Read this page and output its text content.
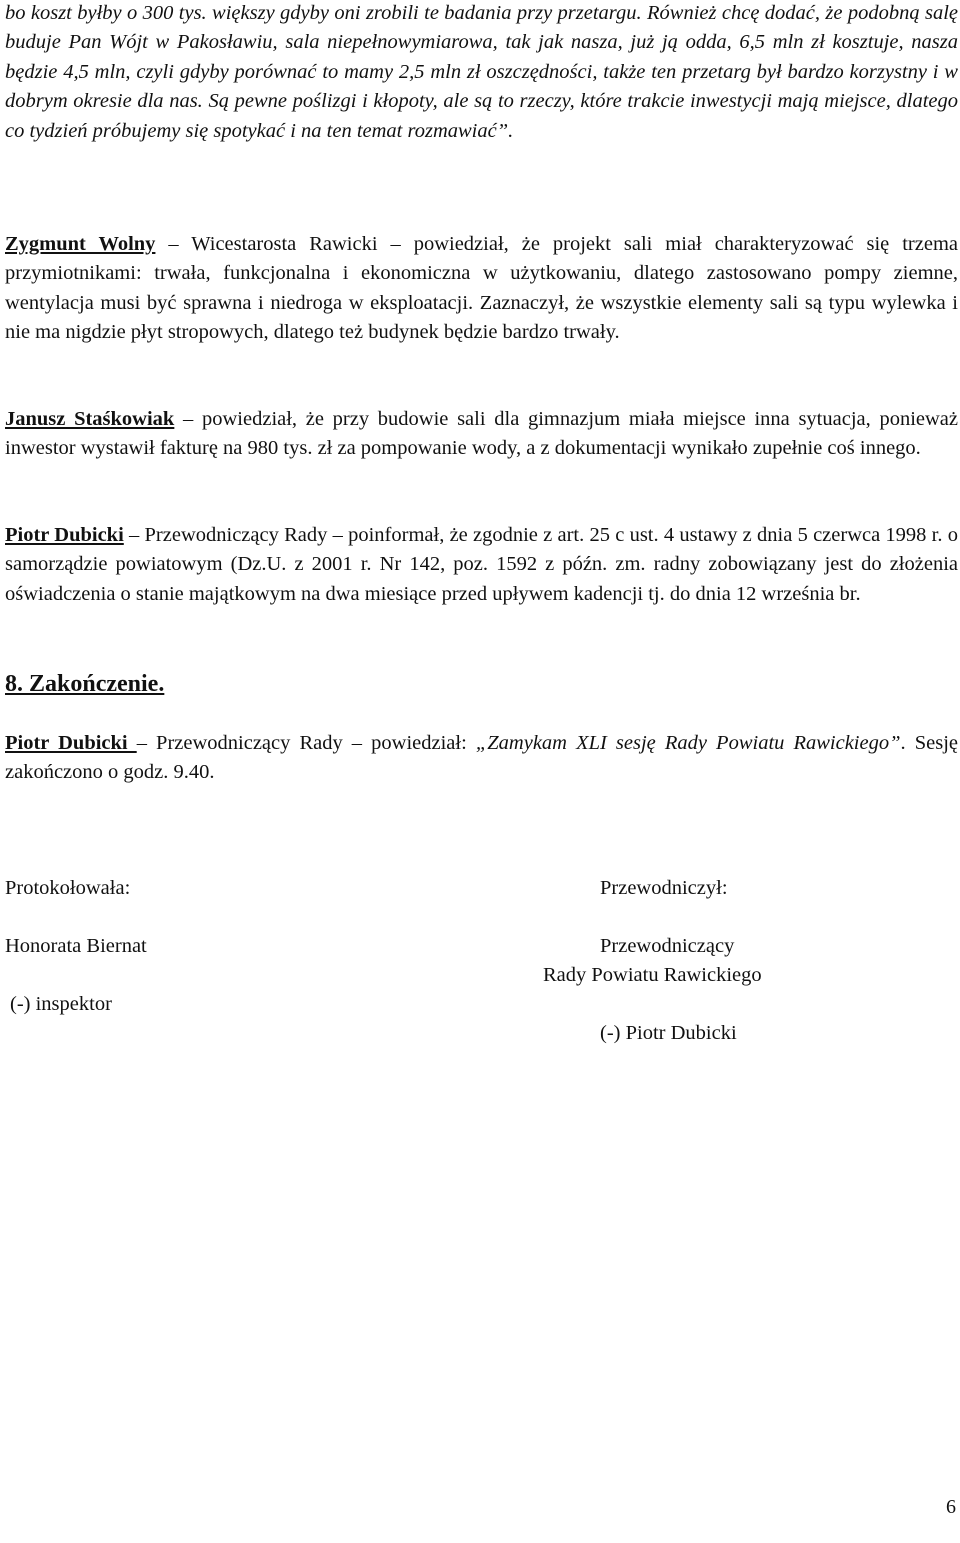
bo koszt byłby o 300 tys. większy gdyby oni zrobili te badania przy przetargu. Również chcę dodać, że podobną salę buduje Pan Wójt w Pakosławiu, sala niepełnowymiarowa, tak jak nasza, już ją odda, 6,5 mln zł kosztuje, nasza będzie 4,5 mln, czyli gdyby porównać to mamy 2,5 mln zł oszczędności, także ten przetarg był bardzo korzystny i w dobrym okresie dla nas. Są pewne poślizgi i kłopoty, ale są to rzeczy, które trakcie inwestycji mają miejsce, dlatego co tydzień próbujemy się spotykać i na ten temat rozmawiać”.

Zygmunt Wolny – Wicestarosta Rawicki – powiedział, że projekt sali miał charakteryzować się trzema przymiotnikami: trwała, funkcjonalna i ekonomiczna w użytkowaniu, dlatego zastosowano pompy ziemne, wentylacja musi być sprawna i niedroga w eksploatacji. Zaznaczył, że wszystkie elementy sali są typu wylewka i nie ma nigdzie płyt stropowych, dlatego też budynek będzie bardzo trwały.

Janusz Staśkowiak – powiedział, że przy budowie sali dla gimnazjum miała miejsce inna sytuacja, ponieważ inwestor wystawił fakturę na 980 tys. zł za pompowanie wody, a z dokumentacji wynikało zupełnie coś innego.

Piotr Dubicki – Przewodniczący Rady – poinformał, że zgodnie z art. 25 c ust. 4 ustawy z dnia 5 czerwca 1998 r. o samorządzie powiatowym (Dz.U. z 2001 r. Nr 142, poz. 1592 z późn. zm. radny zobowiązany jest do złożenia oświadczenia o stanie majątkowym na dwa miesiące przed upływem kadencji tj. do dnia 12 września br.

8. Zakończenie.

Piotr Dubicki – Przewodniczący Rady – powiedział: „Zamykam XLI sesję Rady Powiatu Rawickiego”. Sesję zakończono o godz. 9.40.

Protokołowała:
Honorata Biernat
(-) inspektor
Przewodniczył:
Przewodniczący
Rady Powiatu Rawickiego
(-) Piotr Dubicki
6
